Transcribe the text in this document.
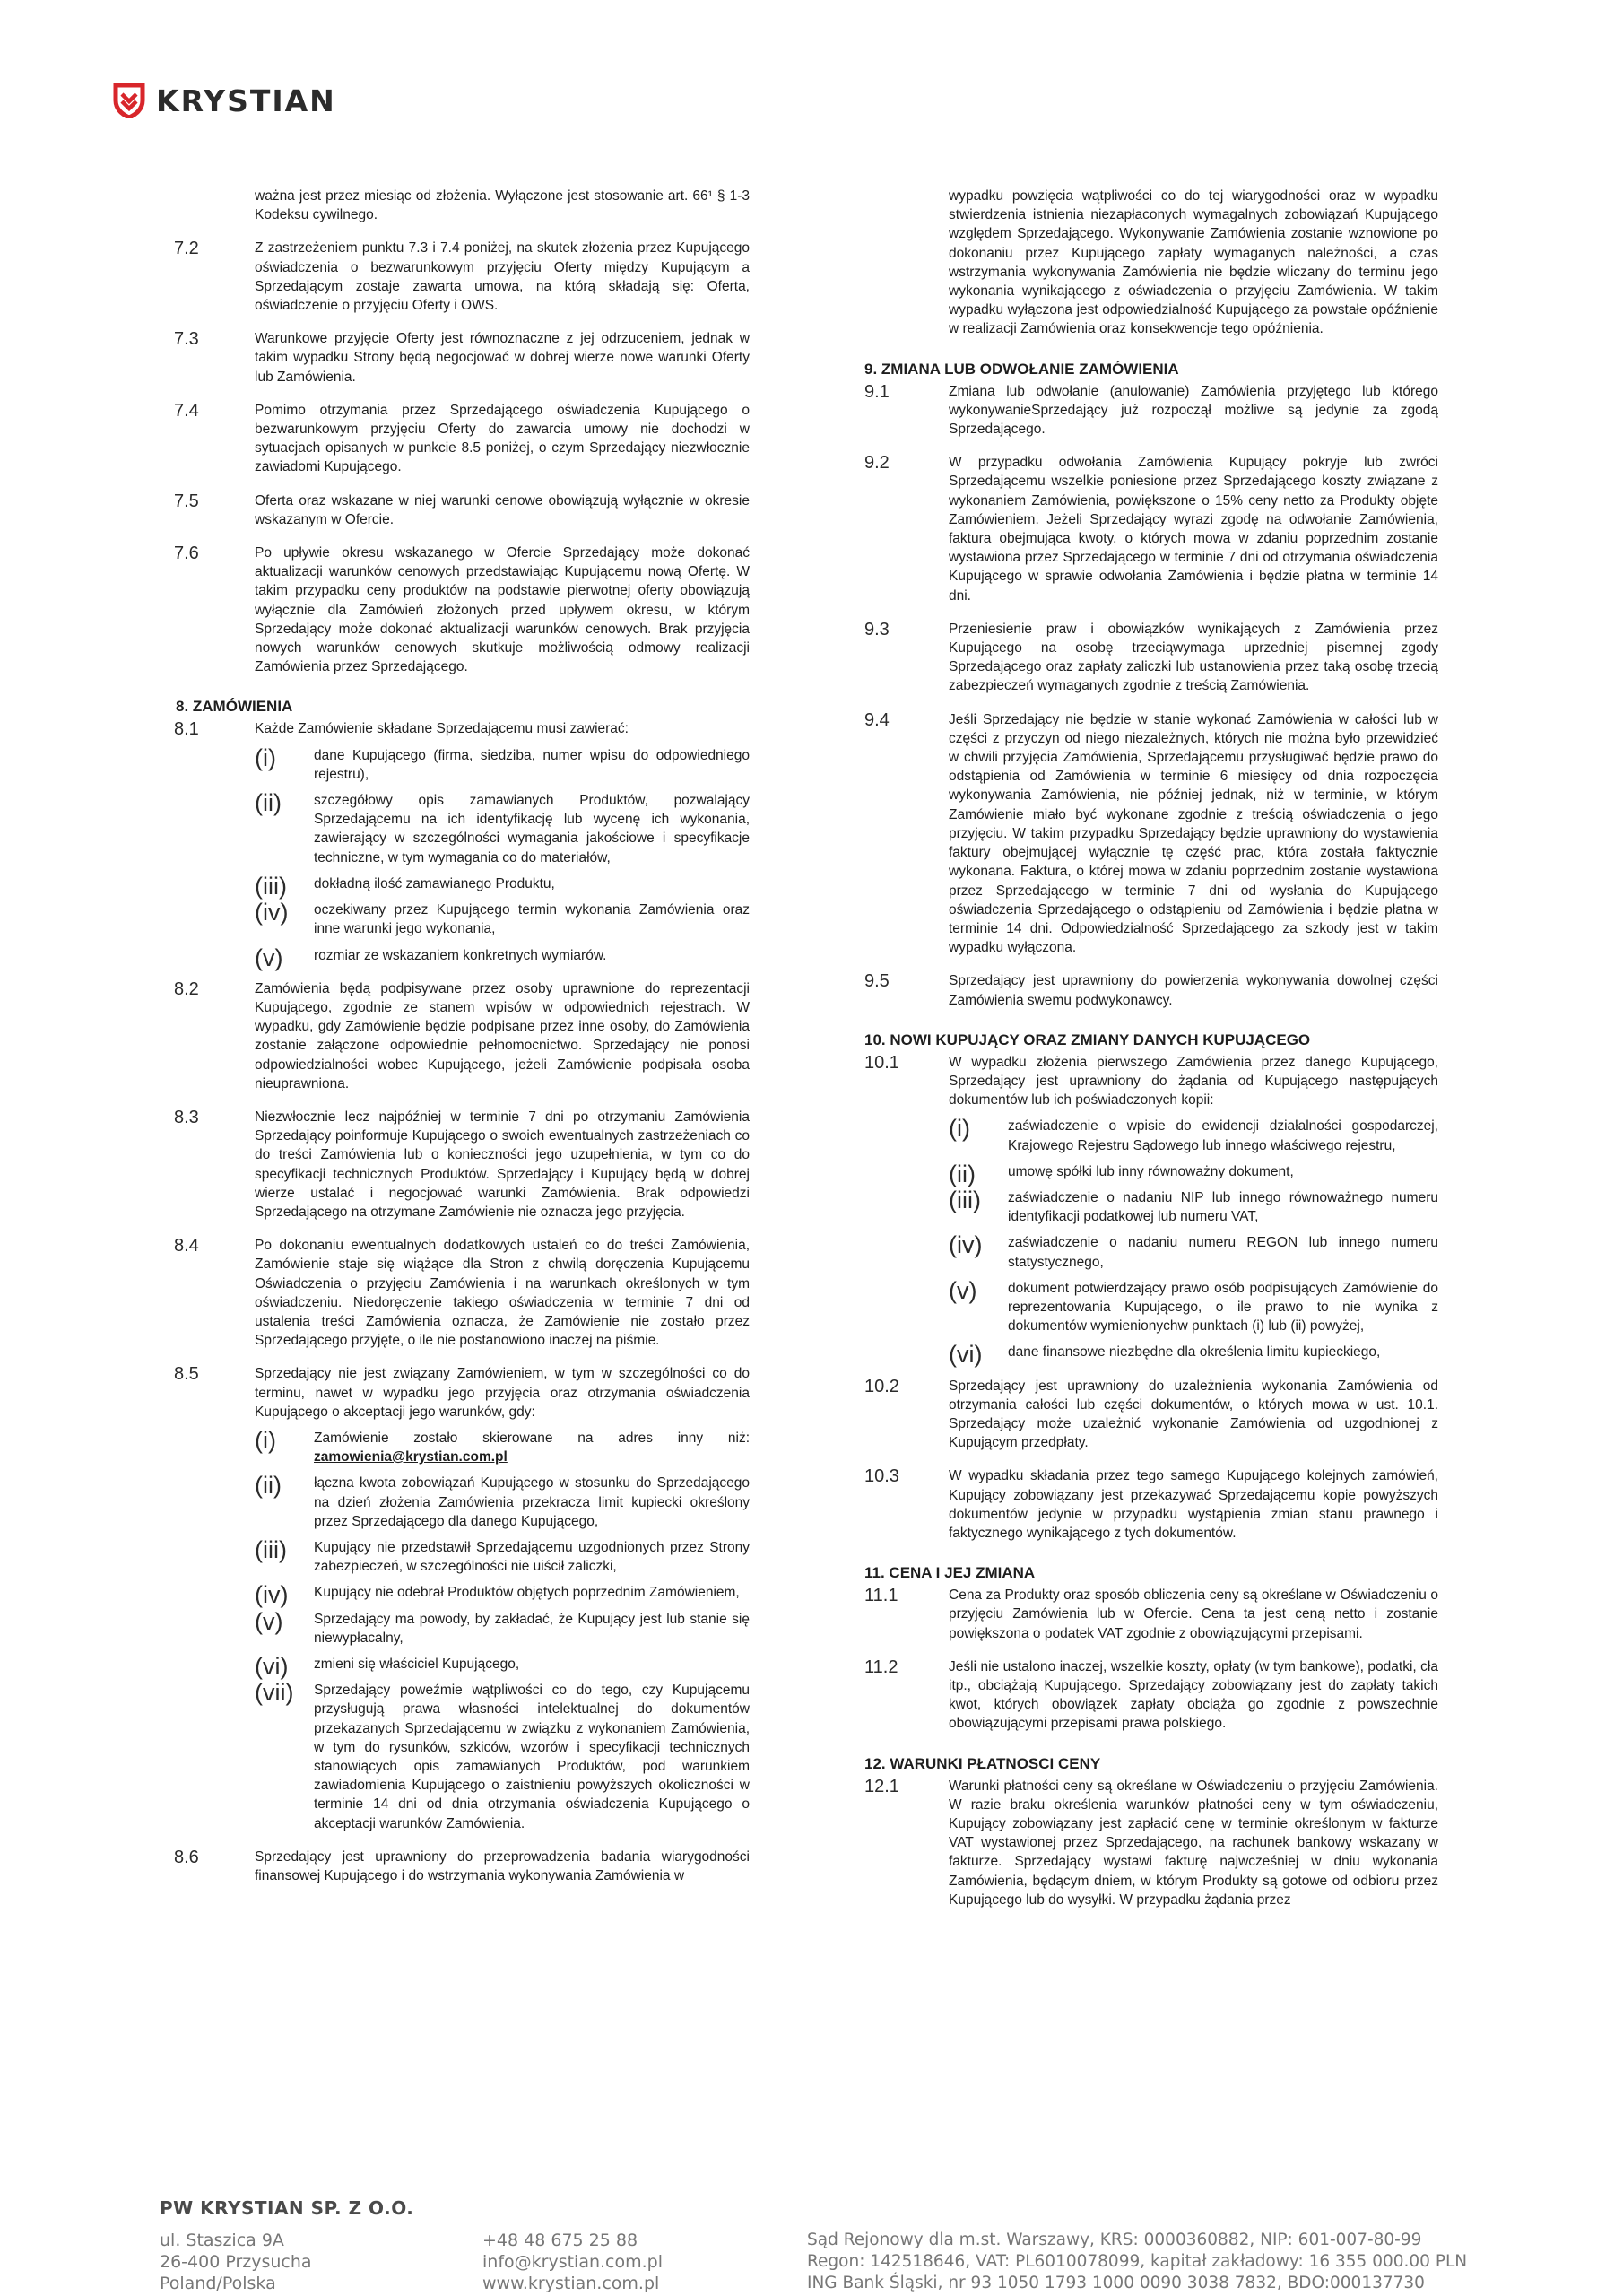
KRYSTIAN

ważna jest przez miesiąc od złożenia. Wyłączone jest stosowanie art. 66¹ § 1-3 Kodeksu cywilnego.

7.2	Z zastrzeżeniem punktu 7.3 i 7.4 poniżej, na skutek złożenia przez Kupującego oświadczenia o bezwarunkowym przyjęciu Oferty między Kupującym a Sprzedającym zostaje zawarta umowa, na którą składają się: Oferta, oświadczenie o przyjęciu Oferty i OWS.

7.3	Warunkowe przyjęcie Oferty jest równoznaczne z jej odrzuceniem, jednak w takim wypadku Strony będą negocjować w dobrej wierze nowe warunki Oferty lub Zamówienia.

7.4	Pomimo otrzymania przez Sprzedającego oświadczenia Kupującego o bezwarunkowym przyjęciu Oferty do zawarcia umowy nie dochodzi w sytuacjach opisanych w punkcie 8.5 poniżej, o czym Sprzedający niezwłocznie zawiadomi Kupującego.

7.5	Oferta oraz wskazane w niej warunki cenowe obowiązują wyłącznie w okresie wskazanym w Ofercie.

7.6	Po upływie okresu wskazanego w Ofercie Sprzedający może dokonać aktualizacji warunków cenowych przedstawiając Kupującemu nową Ofertę. W takim przypadku ceny produktów na podstawie pierwotnej oferty obowiązują wyłącznie dla Zamówień złożonych przed upływem okresu, w którym Sprzedający może dokonać aktualizacji warunków cenowych. Brak przyjęcia nowych warunków cenowych skutkuje możliwością odmowy realizacji Zamówienia przez Sprzedającego.

8. ZAMÓWIENIA
8.1	Każde Zamówienie składane Sprzedającemu musi zawierać:

(i)	dane Kupującego (firma, siedziba, numer wpisu do odpowiedniego rejestru),

(ii) szczegółowy opis zamawianych Produktów, pozwalający Sprzedającemu na ich identyfikację lub wycenę ich wykonania, zawierający w szczególności wymagania jakościowe i specyfikacje techniczne, w tym wymagania co do materiałów,

(iii) dokładną ilość zamawianego Produktu,

(iv) oczekiwany przez Kupującego termin wykonania Zamówienia oraz inne warunki jego wykonania,

(v) rozmiar ze wskazaniem konkretnych wymiarów.

8.2	Zamówienia będą podpisywane przez osoby uprawnione do reprezentacji Kupującego, zgodnie ze stanem wpisów w odpowiednich rejestrach. W wypadku, gdy Zamówienie będzie podpisane przez inne osoby, do Zamówienia zostanie załączone odpowiednie pełnomocnictwo. Sprzedający nie ponosi odpowiedzialności wobec Kupującego, jeżeli Zamówienie podpisała osoba nieuprawniona.

8.3	Niezwłocznie lecz najpóźniej w terminie 7 dni po otrzymaniu Zamówienia Sprzedający poinformuje Kupującego o swoich ewentualnych zastrzeżeniach co do treści Zamówienia lub o konieczności jego uzupełnienia, w tym co do specyfikacji technicznych Produktów. Sprzedający i Kupujący będą w dobrej wierze ustalać i negocjować warunki Zamówienia. Brak odpowiedzi Sprzedającego na otrzymane Zamówienie nie oznacza jego przyjęcia.

8.4	Po dokonaniu ewentualnych dodatkowych ustaleń co do treści Zamówienia, Zamówienie staje się wiążące dla Stron z chwilą doręczenia Kupującemu Oświadczenia o przyjęciu Zamówienia i na warunkach określonych w tym oświadczeniu. Niedoręczenie takiego oświadczenia w terminie 7 dni od ustalenia treści Zamówienia oznacza, że Zamówienie nie zostało przez Sprzedającego przyjęte, o ile nie postanowiono inaczej na piśmie.

8.5	Sprzedający nie jest związany Zamówieniem, w tym w szczególności co do terminu, nawet w wypadku jego przyjęcia oraz otrzymania oświadczenia Kupującego o akceptacji jego warunków, gdy:

(i)	Zamówienie zostało skierowane na adres inny niż: zamowienia@krystian.com.pl

(ii) łączna kwota zobowiązań Kupującego w stosunku do Sprzedającego na dzień złożenia Zamówienia przekracza limit kupiecki określony przez Sprzedającego dla danego Kupującego,

(iii) Kupujący nie przedstawił Sprzedającemu uzgodnionych przez Strony zabezpieczeń, w szczególności nie uiścił zaliczki,

(iv) Kupujący nie odebrał Produktów objętych poprzednim Zamówieniem,

(v) Sprzedający ma powody, by zakładać, że Kupujący jest lub stanie się niewypłacalny,

(vi) zmieni się właściciel Kupującego,

(vii) Sprzedający poweźmie wątpliwości co do tego, czy Kupującemu przysługują prawa własności intelektualnej do dokumentów przekazanych Sprzedającemu w związku z wykonaniem Zamówienia, w tym do rysunków, szkiców, wzorów i specyfikacji technicznych stanowiących opis zamawianych Produktów, pod warunkiem zawiadomienia Kupującego o zaistnieniu powyższych okoliczności w terminie 14 dni od dnia otrzymania oświadczenia Kupującego o akceptacji warunków Zamówienia.

8.6	Sprzedający jest uprawniony do przeprowadzenia badania wiarygodności finansowej Kupującego i do wstrzymania wykonywania Zamówienia w

wypadku powzięcia wątpliwości co do tej wiarygodności oraz w wypadku stwierdzenia istnienia niezapłaconych wymagalnych zobowiązań Kupującego względem Sprzedającego. Wykonywanie Zamówienia zostanie wznowione po dokonaniu przez Kupującego zapłaty wymaganych należności, a czas wstrzymania wykonywania Zamówienia nie będzie wliczany do terminu jego wykonania wynikającego z oświadczenia o przyjęciu Zamówienia. W takim wypadku wyłączona jest odpowiedzialność Kupującego za powstałe opóźnienie w realizacji Zamówienia oraz konsekwencje tego opóźnienia.

9. ZMIANA LUB ODWOŁANIE ZAMÓWIENIA
9.1	Zmiana lub odwołanie (anulowanie) Zamówienia przyjętego lub którego wykonywanieSprzedający już rozpoczął możliwe są jedynie za zgodą Sprzedającego.

9.2	W przypadku odwołania Zamówienia Kupujący pokryje lub zwróci Sprzedającemu wszelkie poniesione przez Sprzedającego koszty związane z wykonaniem Zamówienia, powiększone o 15% ceny netto za Produkty objęte Zamówieniem. Jeżeli Sprzedający wyrazi zgodę na odwołanie Zamówienia, faktura obejmująca kwoty, o których mowa w zdaniu poprzednim zostanie wystawiona przez Sprzedającego w terminie 7 dni od otrzymania oświadczenia Kupującego w sprawie odwołania Zamówienia i będzie płatna w terminie 14 dni.

9.3	Przeniesienie praw i obowiązków wynikających z Zamówienia przez Kupującego na osobę trzeciąwymaga uprzedniej pisemnej zgody Sprzedającego oraz zapłaty zaliczki lub ustanowienia przez taką osobę trzecią zabezpieczeń wymaganych zgodnie z treścią Zamówienia.

9.4	Jeśli Sprzedający nie będzie w stanie wykonać Zamówienia w całości lub w części z przyczyn od niego niezależnych, których nie można było przewidzieć w chwili przyjęcia Zamówienia, Sprzedającemu przysługiwać będzie prawo do odstąpienia od Zamówienia w terminie 6 miesięcy od dnia rozpoczęcia wykonywania Zamówienia, nie później jednak, niż w terminie, w którym Zamówienie miało być wykonane zgodnie z treścią oświadczenia o jego przyjęciu. W takim przypadku Sprzedający będzie uprawniony do wystawienia faktury obejmującej wyłącznie tę część prac, która została faktycznie wykonana. Faktura, o której mowa w zdaniu poprzednim zostanie wystawiona przez Sprzedającego w terminie 7 dni od wysłania do Kupującego oświadczenia Sprzedającego o odstąpieniu od Zamówienia i będzie płatna w terminie 14 dni. Odpowiedzialność Sprzedającego za szkody jest w takim wypadku wyłączona.

9.5	Sprzedający jest uprawniony do powierzenia wykonywania dowolnej części Zamówienia swemu podwykonawcy.

10. NOWI KUPUJĄCY ORAZ ZMIANY DANYCH KUPUJĄCEGO
10.1	W wypadku złożenia pierwszego Zamówienia przez danego Kupującego, Sprzedający jest uprawniony do żądania od Kupującego następujących dokumentów lub ich poświadczonych kopii:

(i)	zaświadczenie o wpisie do ewidencji działalności gospodarczej, Krajowego Rejestru Sądowego lub innego właściwego rejestru,

(ii) umowę spółki lub inny równoważny dokument,

(iii) zaświadczenie o nadaniu NIP lub innego równoważnego numeru identyfikacji podatkowej lub numeru VAT,

(iv) zaświadczenie o nadaniu numeru REGON lub innego numeru statystycznego,

(v) dokument potwierdzający prawo osób podpisujących Zamówienie do reprezentowania Kupującego, o ile prawo to nie wynika z dokumentów wymienionychw punktach (i) lub (ii) powyżej,

(vi) dane finansowe niezbędne dla określenia limitu kupieckiego,

10.2	Sprzedający jest uprawniony do uzależnienia wykonania Zamówienia od otrzymania całości lub części dokumentów, o których mowa w ust. 10.1. Sprzedający może uzależnić wykonanie Zamówienia od uzgodnionej z Kupującym przedpłaty.

10.3	W wypadku składania przez tego samego Kupującego kolejnych zamówień, Kupujący zobowiązany jest przekazywać Sprzedającemu kopie powyższych dokumentów jedynie w przypadku wystąpienia zmian stanu prawnego i faktycznego wynikającego z tych dokumentów.

11. CENA I JEJ ZMIANA
11.1	Cena za Produkty oraz sposób obliczenia ceny są określane w Oświadczeniu o przyjęciu Zamówienia lub w Ofercie. Cena ta jest ceną netto i zostanie powiększona o podatek VAT zgodnie z obowiązującymi przepisami.

11.2	Jeśli nie ustalono inaczej, wszelkie koszty, opłaty (w tym bankowe), podatki, cła itp., obciążają Kupującego. Sprzedający zobowiązany jest do zapłaty takich kwot, których obowiązek zapłaty obciąża go zgodnie z powszechnie obowiązującymi przepisami prawa polskiego.

12. WARUNKI PŁATNOSCI CENY
12.1	Warunki płatności ceny są określane w Oświadczeniu o przyjęciu Zamówienia. W razie braku określenia warunków płatności ceny w tym oświadczeniu, Kupujący zobowiązany jest zapłacić cenę w terminie określonym w fakturze VAT wystawionej przez Sprzedającego, na rachunek bankowy wskazany w fakturze. Sprzedający wystawi fakturę najwcześniej w dniu wykonania Zamówienia, będącym dniem, w którym Produkty są gotowe od odbioru przez Kupującego lub do wysyłki. W przypadku żądania przez

PW KRYSTIAN SP. Z O.O.
ul. Staszica 9A
26-400 Przysucha
Poland/Polska
+48 48 675 25 88
info@krystian.com.pl
www.krystian.com.pl
Sąd Rejonowy dla m.st. Warszawy, KRS: 0000360882, NIP: 601-007-80-99
Regon: 142518646, VAT: PL6010078099, kapitał zakładowy: 16 355 000.00 PLN
ING Bank Śląski, nr 93 1050 1793 1000 0090 3038 7832, BDO:000137730
